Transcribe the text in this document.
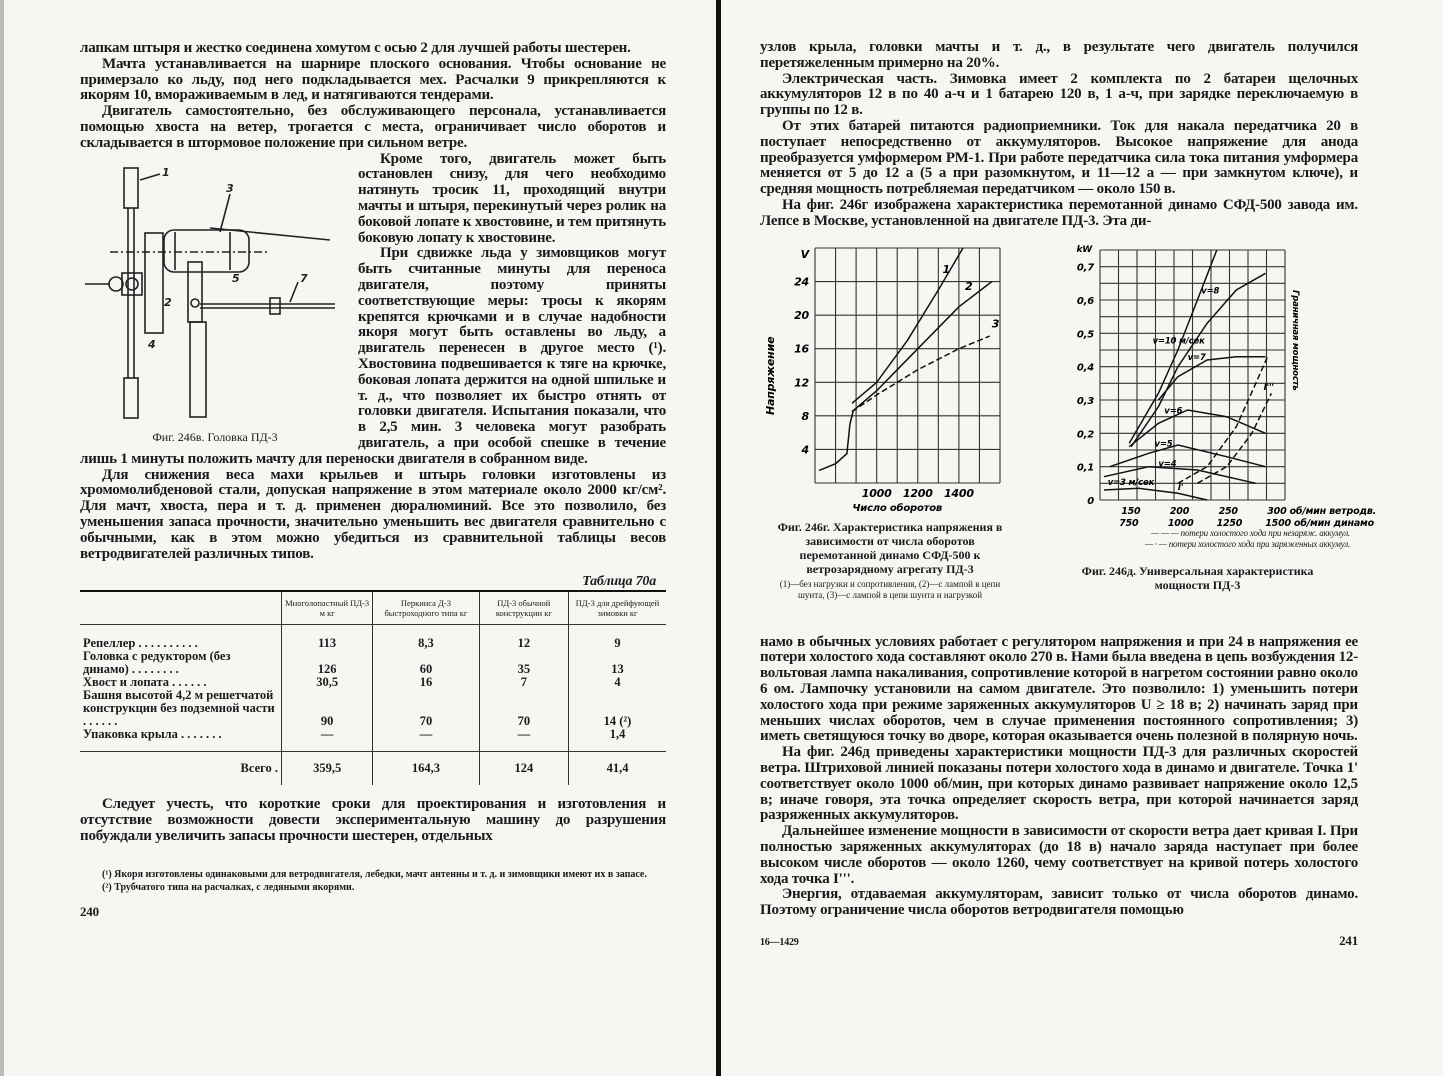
лапкам штыря и жестко соединена хомутом с осью 2 для лучшей работы шестерен.

Мачта устанавливается на шарнире плоского основания. Чтобы основание не примерзало ко льду, под него подкладывается мех. Расчалки 9 прикрепляются к якорям 10, вмораживаемым в лед, и натягиваются тендерами.

Двигатель самостоятельно, без обслуживающего персонала, устанавливается помощью хвоста на ветер, трогается с места, ограничивает число оборотов и складывается в штормовое положение при сильном ветре.

1
2
3
4
5	7
Фиг. 246в. Головка ПД-3

Кроме того, двигатель может быть остановлен снизу, для чего необходимо натянуть тросик 11, проходящий внутри мачты и штыря, перекинутый через ролик на боковой лопате к хвостовине, и тем притянуть боковую лопату к хвостовине.

При сдвижке льда у зимовщиков могут быть считанные минуты для переноса двигателя, поэтому приняты соответствующие меры: тросы к якорям крепятся крючками и в случае надобности якоря могут быть оставлены во льду, а двигатель перенесен в другое место (¹). Хвостовина подвешивается к тяге на крючке, боковая лопата держится на одной шпильке и т. д., что позволяет их быстро отнять от головки двигателя. Испытания показали, что в 2,5 мин. 3 человека могут разобрать двигатель, а при особой спешке в течение лишь 1 минуты положить мачту для переноски двигателя в собранном виде.

Для снижения веса махи крыльев и штырь головки изготовлены из хромомолибденовой стали, допуская напряжение в этом материале около 2000 кг/см². Для мачт, хвоста, пера и т. д. применен дюралюминий. Все это позволило, без уменьшения запаса прочности, значительно уменьшить вес двигателя сравнительно с обычными, как в этом можно убедиться из сравнительной таблицы весов ветродвигателей различных типов.

Таблица 70а
	Многолопастный ПД-3 м кг	Перкинса Д-3 быстроходного типа кг	ПД-3 обычной конструкции кг	ПД-3 для дрейфующей зимовки кг
Репеллер . . . . . . . . . .	113	8,3	12	9
Головка с редуктором (без динамо) . . . . . . . .	126	60	35	13
Хвост и лопата . . . . . .	30,5	16	7	4
Башня высотой 4,2 м решетчатой конструкции без подземной части . . . . . .	90	70	70	14 (²)
Упаковка крыла . . . . . . .	—	—	—	1,4
Всего .	359,5	164,3	124	41,4

Следует учесть, что короткие сроки для проектирования и изготовления и отсутствие возможности довести экспериментальную машину до разрушения побуждали увеличить запасы прочности шестерен, отдельных

(¹) Якоря изготовлены одинаковыми для ветродвигателя, лебедки, мачт антенны и т. д. и зимовщики имеют их в запасе.

(²) Трубчатого типа на расчалках, с ледяными якорями.

240

узлов крыла, головки мачты и т. д., в результате чего двигатель получился перетяжеленным примерно на 20%.

Электрическая часть. Зимовка имеет 2 комплекта по 2 батареи щелочных аккумуляторов 12 в по 40 а-ч и 1 батарею 120 в, 1 а-ч, при зарядке переключаемую в группы по 12 в.

От этих батарей питаются радиоприемники. Ток для накала передатчика 20 в поступает непосредственно от аккумуляторов. Высокое напряжение для анода преобразуется умформером РМ-1. При работе передатчика сила тока питания умформера меняется от 5 до 12 а (5 а при разомкнутом, и 11—12 а — при замкнутом ключе), и средняя мощность потребляемая передатчиком — около 150 в.

На фиг. 246г изображена характеристика перемотанной динамо СФД-500 завода им. Лепсе в Москве, установленной на двигателе ПД-3. Эта ди-

4
8
12
16
20
24
V
1000 1200 1400
Число оборотов
Напряжение
1
2
3
Фиг. 246г. Характеристика напряжения в зависимости от числа оборотов перемотанной динамо СФД-500 к ветрозарядному агрегату ПД-3
(1)—без нагрузки и сопротивления, (2)—с лампой в цепи шунта, (3)—с лампой в цепи шунта и нагрузкой
0
0,1
0,2
0,3
0,4
0,5
0,6
0,7
kW
150	200	250	300 об/мин ветродв.
750	1000 1250 1500 об/мин динамо
Граничная мощность
v=10 м/сек
v=8
v=7
v=6
v=5
v=4
v=3 м/сек	I'
I'''
— — — потери холостого хода при незаряж. аккумул.
— · — потери холостого хода при заряженных аккумул.
Фиг. 246д. Универсальная характеристика мощности ПД-3

намо в обычных условиях работает с регулятором напряжения и при 24 в напряжения ее потери холостого хода составляют около 270 в. Нами была введена в цепь возбуждения 12-вольтовая лампа накаливания, сопротивление которой в нагретом состоянии равно около 6 ом. Лампочку установили на самом двигателе. Это позволило: 1) уменьшить потери холостого хода при режиме заряженных аккумуляторов U ≥ 18 в; 2) начинать заряд при меньших числах оборотов, чем в случае применения постоянного сопротивления; 3) иметь светящуюся точку во дворе, которая оказывается очень полезной в полярную ночь.

На фиг. 246д приведены характеристики мощности ПД-3 для различных скоростей ветра. Штриховой линией показаны потери холостого хода в динамо и двигателе. Точка 1' соответствует около 1000 об/мин, при которых динамо развивает напряжение около 12,5 в; иначе говоря, эта точка определяет скорость ветра, при которой начинается заряд разряженных аккумуляторов.

Дальнейшее изменение мощности в зависимости от скорости ветра дает кривая I. При полностью заряженных аккумуляторах (до 18 в) начало заряда наступает при более высоком числе оборотов — около 1260, чему соответствует на кривой потерь холостого хода точка I'''.

Энергия, отдаваемая аккумуляторам, зависит только от числа оборотов динамо. Поэтому ограничение числа оборотов ветродвигателя помощью

16—1429	241
